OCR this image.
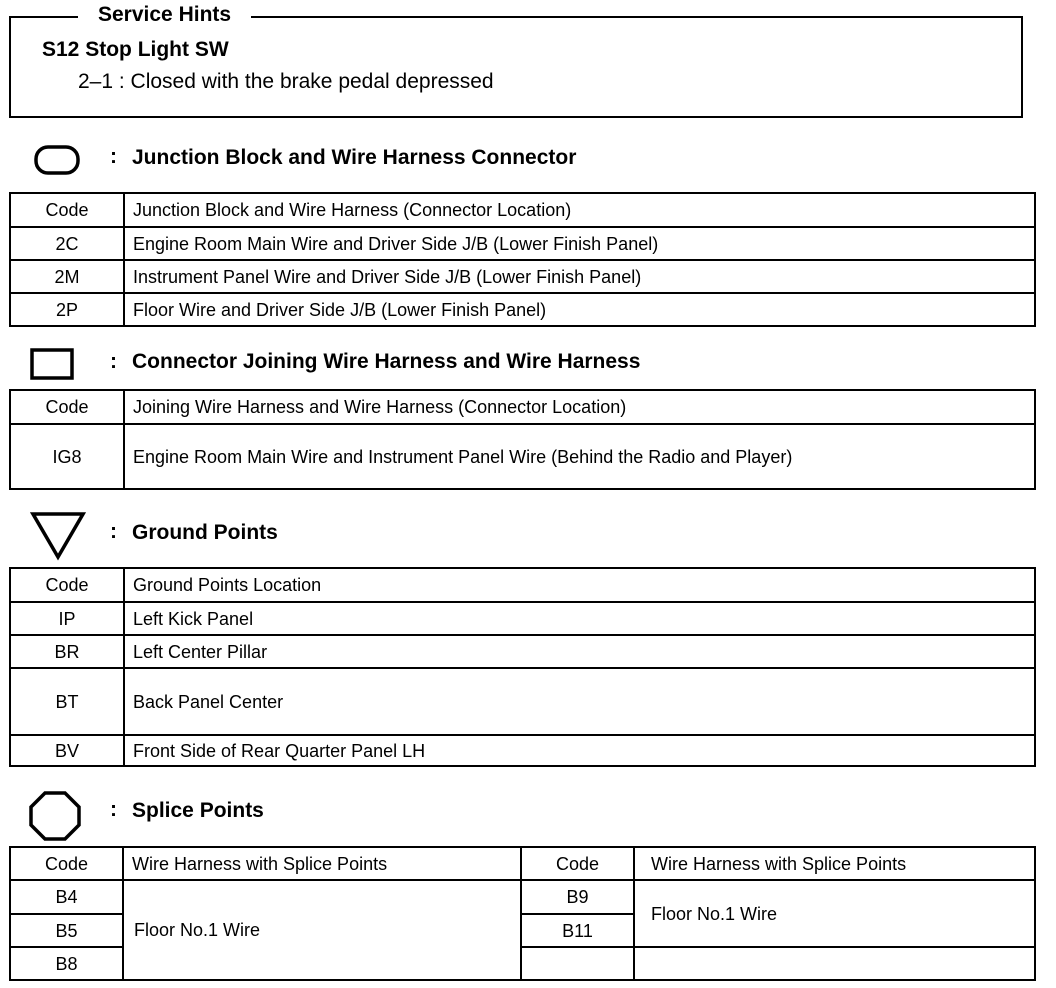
Service Hints
S12 Stop Light SW
2–1 : Closed with the brake pedal depressed
: Junction Block and Wire Harness Connector
Code	Junction Block and Wire Harness (Connector Location)
2C	Engine Room Main Wire and Driver Side J/B (Lower Finish Panel)
2M	Instrument Panel Wire and Driver Side J/B (Lower Finish Panel)
2P	Floor Wire and Driver Side J/B (Lower Finish Panel)
: Connector Joining Wire Harness and Wire Harness
Code	Joining Wire Harness and Wire Harness (Connector Location)
IG8	Engine Room Main Wire and Instrument Panel Wire (Behind the Radio and Player)
: Ground Points
Code	Ground Points Location
IP	Left Kick Panel
BR	Left Center Pillar
BT	Back Panel Center
BV	Front Side of Rear Quarter Panel LH
: Splice Points
Code	Wire Harness with Splice Points	Code	Wire Harness with Splice Points
B4	Floor No.1 Wire	B9	Floor No.1 Wire
B5		B11	
B8			
